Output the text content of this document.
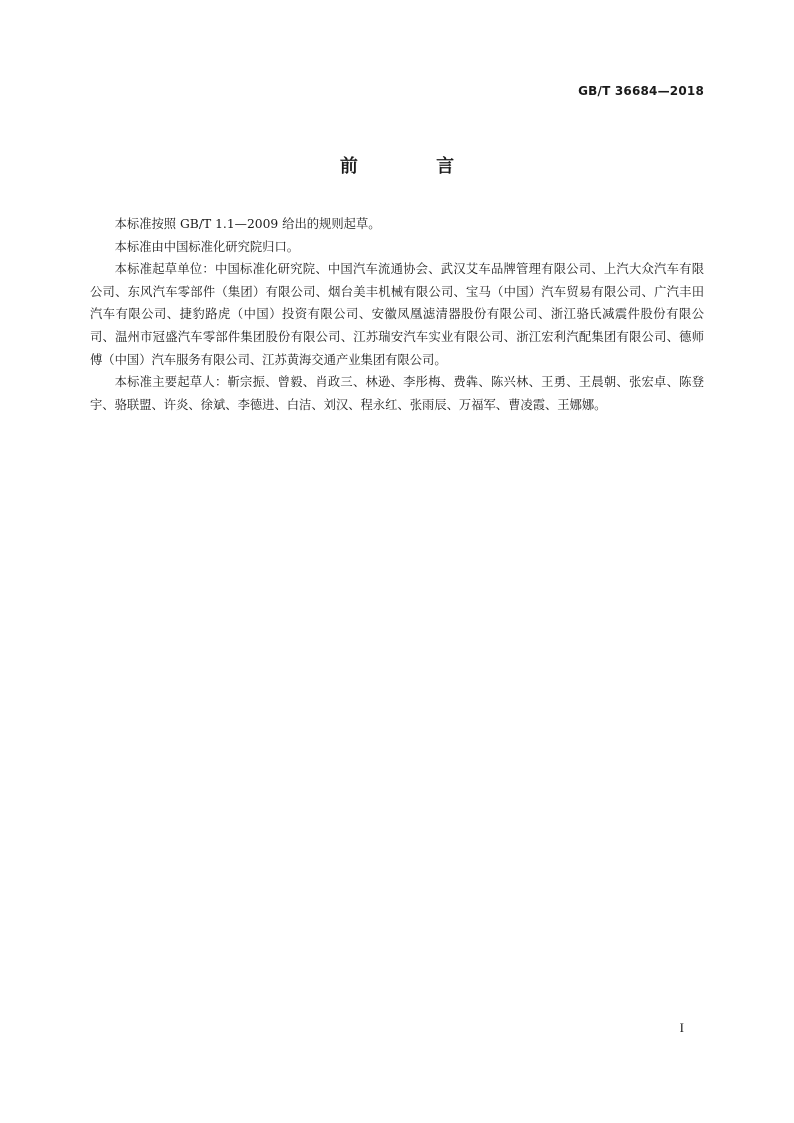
GB/T 36684—2018
前 言

本标准按照 GB/T 1.1—2009 给出的规则起草。

本标准由中国标准化研究院归口。

本标准起草单位：中国标准化研究院、中国汽车流通协会、武汉艾车品牌管理有限公司、上汽大众汽车有限公司、东风汽车零部件（集团）有限公司、烟台美丰机械有限公司、宝马（中国）汽车贸易有限公司、广汽丰田汽车有限公司、捷豹路虎（中国）投资有限公司、安徽凤凰滤清器股份有限公司、浙江骆氏减震件股份有限公司、温州市冠盛汽车零部件集团股份有限公司、江苏瑞安汽车实业有限公司、浙江宏利汽配集团有限公司、德师傅（中国）汽车服务有限公司、江苏黄海交通产业集团有限公司。

本标准主要起草人：靳宗振、曾毅、肖政三、林逊、李彤梅、费犇、陈兴林、王勇、王晨朝、张宏卓、陈登宇、骆联盟、许炎、徐斌、李德进、白洁、刘汉、程永红、张雨辰、万福军、曹凌霞、王娜娜。

I
